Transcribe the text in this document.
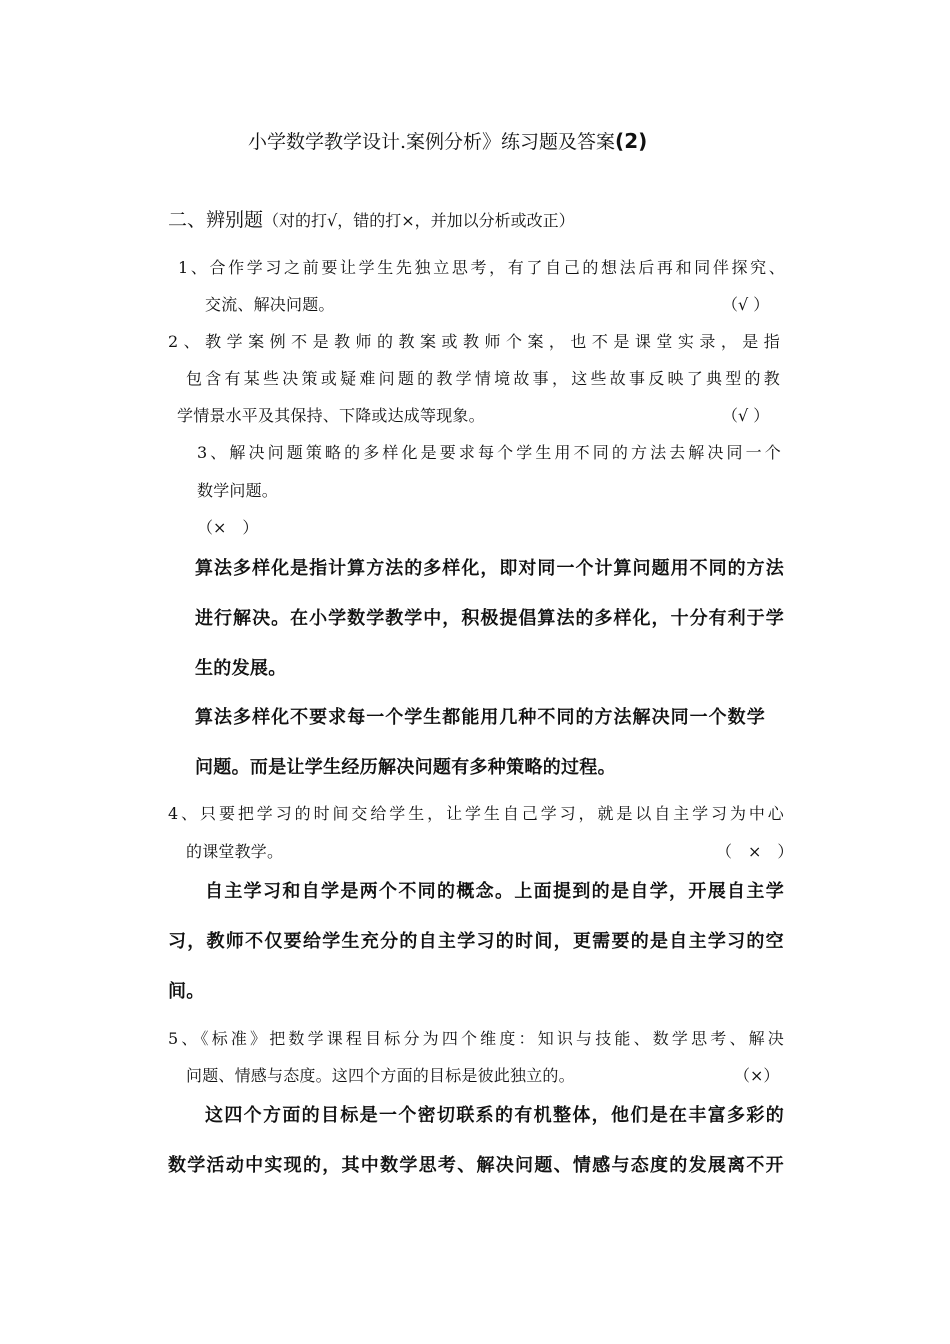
小学数学教学设计.案例分析》练习题及答案(2)
二、辨别题（对的打√，错的打×，并加以分析或改正）
1、合作学习之前要让学生先独立思考，有了自己的想法后再和同伴探究、
交流、解决问题。	（√ ）
2、教学案例不是教师的教案或教师个案，也不是课堂实录，是指
包含有某些决策或疑难问题的教学情境故事，这些故事反映了典型的教
学情景水平及其保持、下降或达成等现象。	（√ ）
3、解决问题策略的多样化是要求每个学生用不同的方法去解决同一个
数学问题。
（×　）
算法多样化是指计算方法的多样化，即对同一个计算问题用不同的方法
进行解决。在小学数学教学中，积极提倡算法的多样化，十分有利于学
生的发展。
算法多样化不要求每一个学生都能用几种不同的方法解决同一个数学
问题。而是让学生经历解决问题有多种策略的过程。
4、只要把学习的时间交给学生，让学生自己学习，就是以自主学习为中心
的课堂教学。	（　×　）
自主学习和自学是两个不同的概念。上面提到的是自学，开展自主学
习，教师不仅要给学生充分的自主学习的时间，更需要的是自主学习的空
间。
5、《标准》把数学课程目标分为四个维度：知识与技能、数学思考、解决
问题、情感与态度。这四个方面的目标是彼此独立的。	（×）
这四个方面的目标是一个密切联系的有机整体，他们是在丰富多彩的
数学活动中实现的，其中数学思考、解决问题、情感与态度的发展离不开
